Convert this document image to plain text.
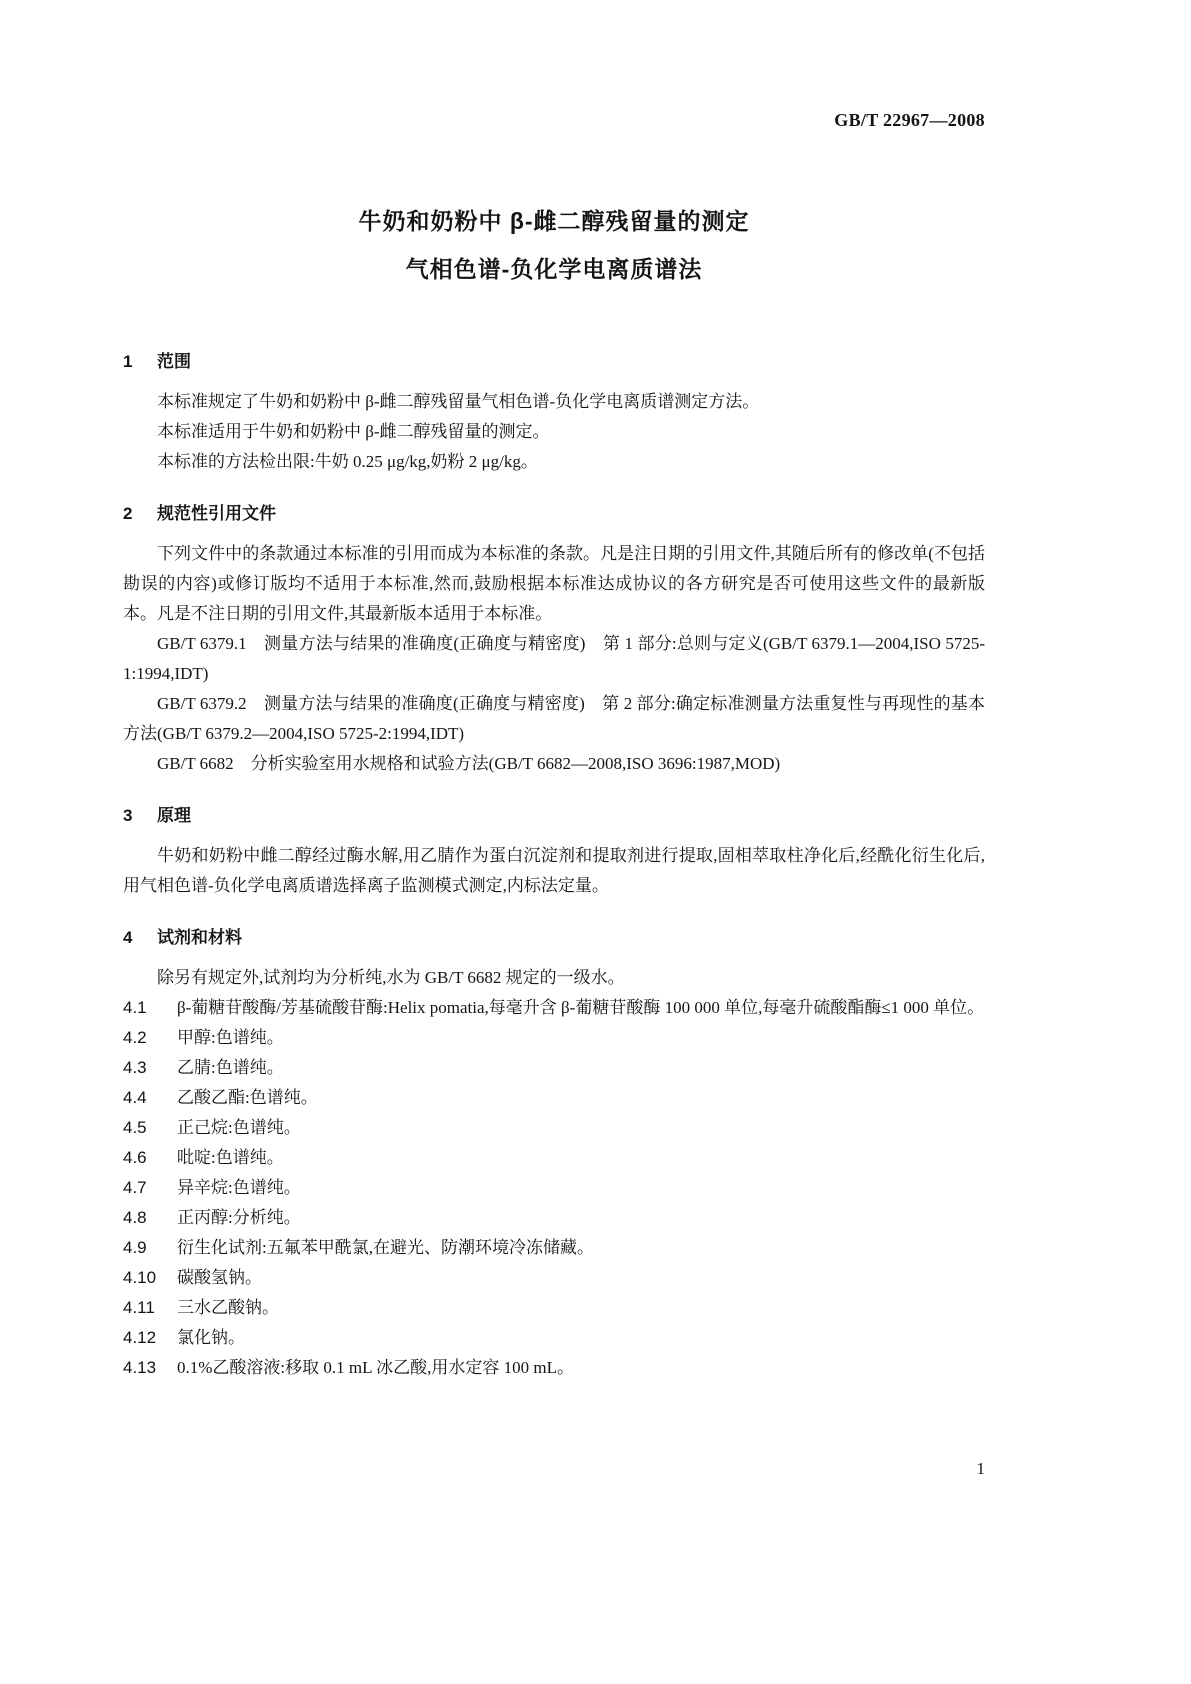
GB/T 22967—2008
牛奶和奶粉中 β-雌二醇残留量的测定
气相色谱-负化学电离质谱法
1 范围

本标准规定了牛奶和奶粉中 β-雌二醇残留量气相色谱-负化学电离质谱测定方法。

本标准适用于牛奶和奶粉中 β-雌二醇残留量的测定。

本标准的方法检出限:牛奶 0.25 μg/kg,奶粉 2 μg/kg。

2 规范性引用文件

下列文件中的条款通过本标准的引用而成为本标准的条款。凡是注日期的引用文件,其随后所有的修改单(不包括勘误的内容)或修订版均不适用于本标准,然而,鼓励根据本标准达成协议的各方研究是否可使用这些文件的最新版本。凡是不注日期的引用文件,其最新版本适用于本标准。

GB/T 6379.1　测量方法与结果的准确度(正确度与精密度)　第 1 部分:总则与定义(GB/T 6379.1—2004,ISO 5725-1:1994,IDT)

GB/T 6379.2　测量方法与结果的准确度(正确度与精密度)　第 2 部分:确定标准测量方法重复性与再现性的基本方法(GB/T 6379.2—2004,ISO 5725-2:1994,IDT)

GB/T 6682　分析实验室用水规格和试验方法(GB/T 6682—2008,ISO 3696:1987,MOD)

3 原理

牛奶和奶粉中雌二醇经过酶水解,用乙腈作为蛋白沉淀剂和提取剂进行提取,固相萃取柱净化后,经酰化衍生化后,用气相色谱-负化学电离质谱选择离子监测模式测定,内标法定量。

4 试剂和材料

除另有规定外,试剂均为分析纯,水为 GB/T 6682 规定的一级水。

4.1 β-葡糖苷酸酶/芳基硫酸苷酶:Helix pomatia,每毫升含 β-葡糖苷酸酶 100 000 单位,每毫升硫酸酯酶≤1 000 单位。

4.2 甲醇:色谱纯。

4.3 乙腈:色谱纯。

4.4 乙酸乙酯:色谱纯。

4.5 正己烷:色谱纯。

4.6 吡啶:色谱纯。

4.7 异辛烷:色谱纯。

4.8 正丙醇:分析纯。

4.9 衍生化试剂:五氟苯甲酰氯,在避光、防潮环境冷冻储藏。

4.10 碳酸氢钠。

4.11 三水乙酸钠。

4.12 氯化钠。

4.13 0.1%乙酸溶液:移取 0.1 mL 冰乙酸,用水定容 100 mL。

1
